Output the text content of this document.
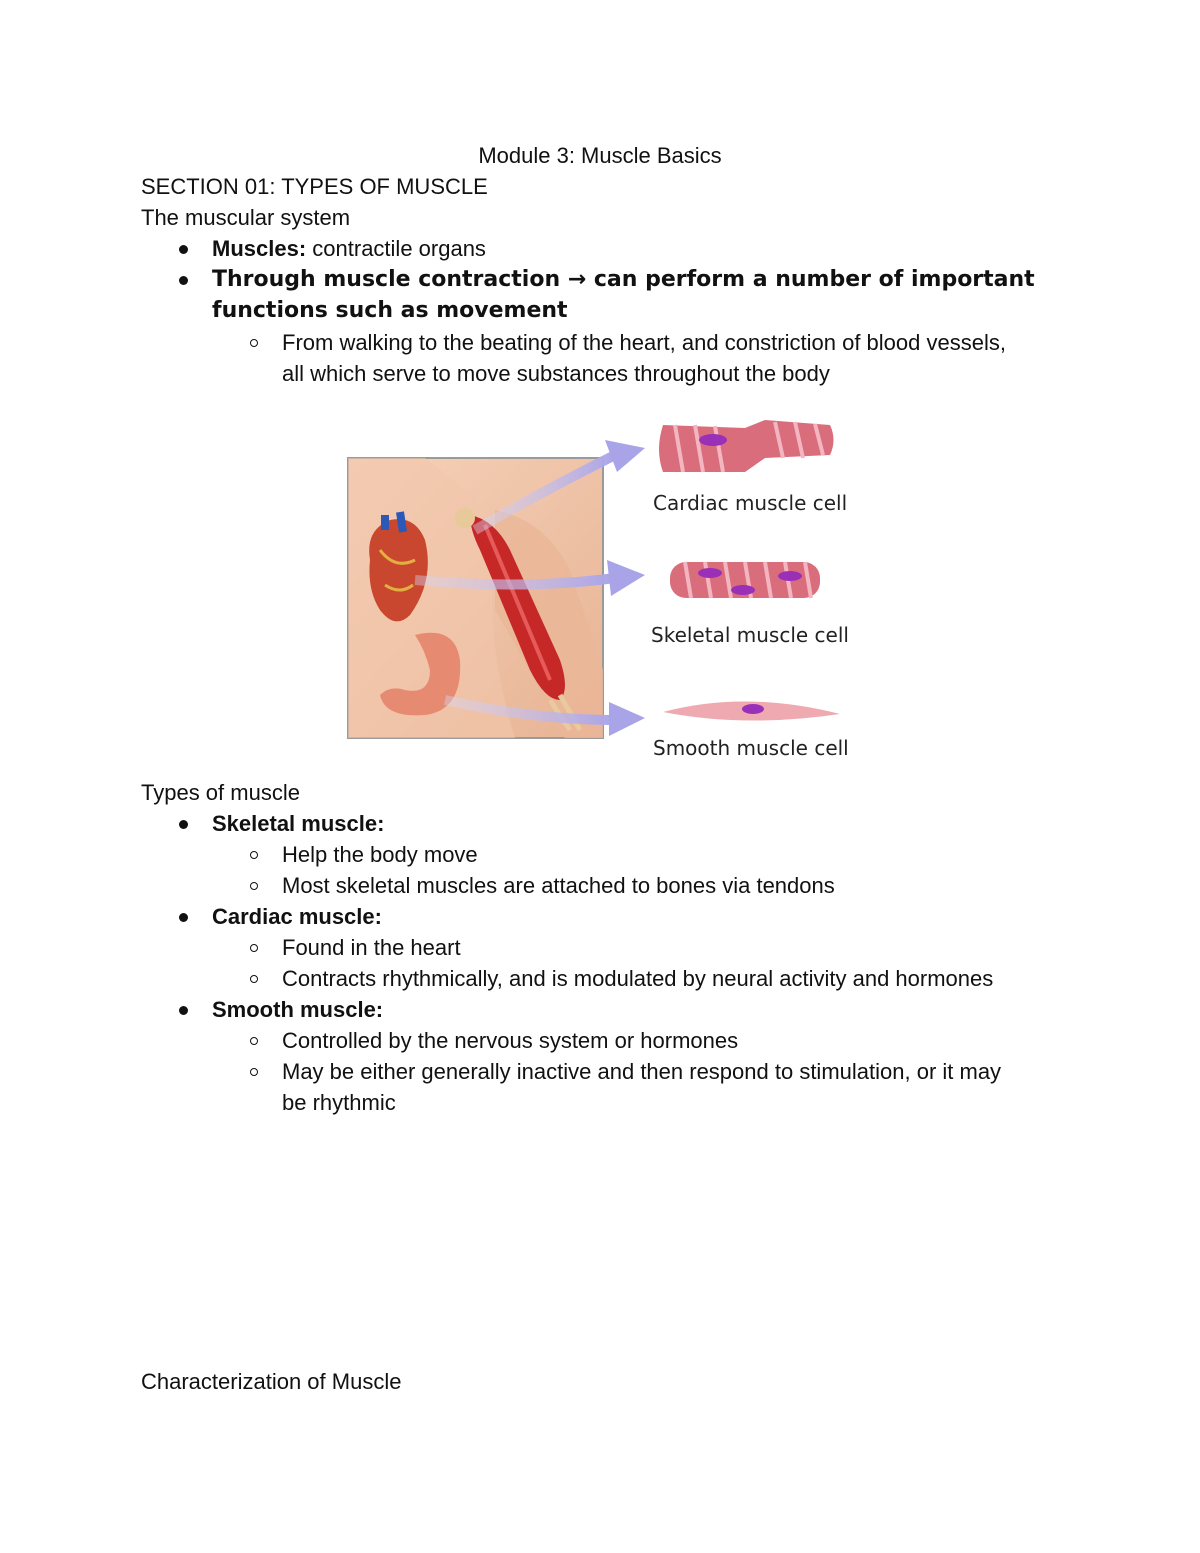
Module 3: Muscle Basics
SECTION 01: TYPES OF MUSCLE
The muscular system
Muscles: contractile organs
Through muscle contraction → can perform a number of important
functions such as movement
From walking to the beating of the heart, and constriction of blood vessels,
all which serve to move substances throughout the body
Cardiac muscle cell
Skeletal muscle cell
Smooth muscle cell
Types of muscle
Skeletal muscle:
Help the body move
Most skeletal muscles are attached to bones via tendons
Cardiac muscle:
Found in the heart
Contracts rhythmically, and is modulated by neural activity and hormones
Smooth muscle:
Controlled by the nervous system or hormones
May be either generally inactive and then respond to stimulation, or it may
be rhythmic
Characterization of Muscle
